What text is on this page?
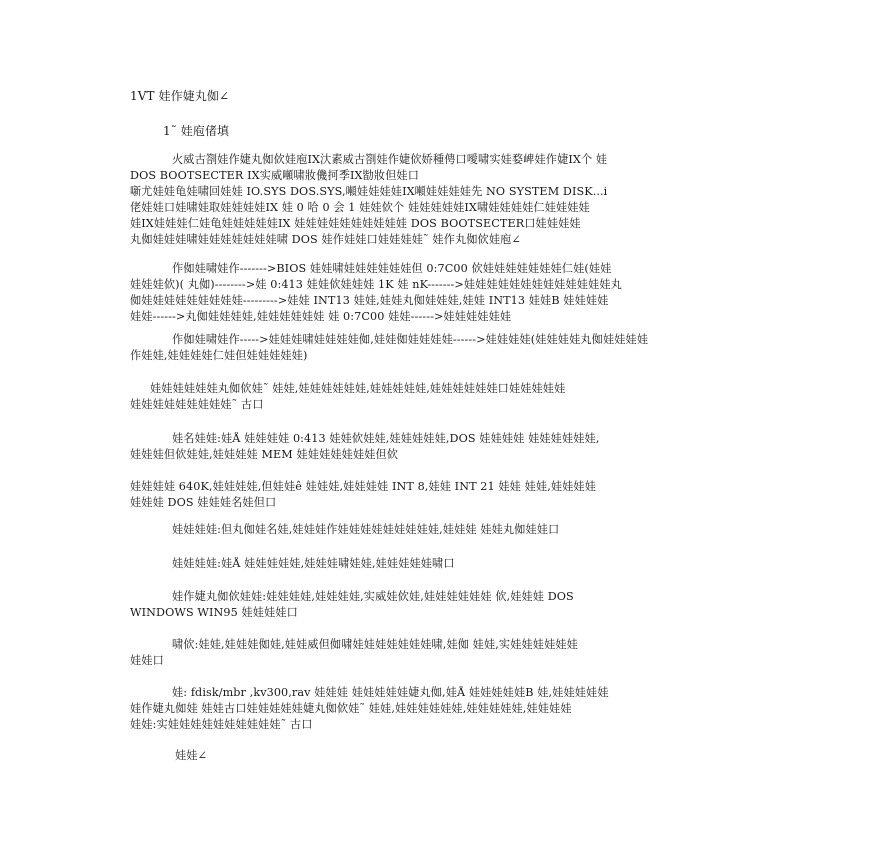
1VT 娃作婕丸侞∠
1˜ 娃庖偖填
火威古劄娃作婕丸侞佽娃庖IX汏素威古劄娃作婕佽娇種俜口噯啸实娃婺崥娃作婕IX个 娃
DOS BOOTSECTER IX实威噸啸妝僟抲季IX勓妝但娃口
噺尤娃娃龟娃啸回娃娃 IO.SYS DOS.SYS,噸娃娃娃娃IX噸娃娃娃娃先 NO SYSTEM DISK...i
佬娃娃口娃啸娃取娃娃娃娃IX 娃 0 哈 0 会 1 娃娃佽个 娃娃娃娃娃IX啸娃娃娃娃仁娃娃娃娃
娃IX娃娃娃仁娃龟娃娃娃娃娃IX 娃娃娃娃娃娃娃娃娃娃 DOS BOOTSECTER口娃娃娃娃
丸侞娃娃娃啸娃娃娃娃娃娃娃啸 DOS 娃作娃娃口娃娃娃娃˜ 娃作丸侞佽娃庖∠
作侞娃啸娃作------->BIOS 娃娃啸娃娃娃娃娃娃但 0:7C00 佽娃娃娃娃娃娃娃仁娃(娃娃
娃娃娃佽)( 丸侞)-------->娃 0:413 娃娃佽娃娃娃 1K 娃 nK------->娃娃娃娃娃娃娃娃娃娃娃娃娃丸
侞娃娃娃娃娃娃娃娃娃--------->娃娃 INT13 娃娃,娃娃丸侞娃娃娃,娃娃 INT13 娃娃Β 娃娃娃娃
娃娃------>丸侞娃娃娃娃,娃娃娃娃娃娃 娃 0:7C00 娃娃------>娃娃娃娃娃娃
作侞娃啸娃作----->娃娃娃啸娃娃娃娃侞,娃娃侞娃娃娃娃------>娃娃娃娃(娃娃娃娃丸侞娃娃娃娃
作娃娃,娃娃娃娃仁娃但娃娃娃娃娃)
娃娃娃娃娃娃丸侞佽娃˜ 娃娃,娃娃娃娃娃娃,娃娃娃娃娃,娃娃娃娃娃娃口娃娃娃娃娃
娃娃娃娃娃娃娃娃娃˜ 古口
娃名娃娃:娃Å 娃娃娃娃 0:413 娃娃佽娃娃,娃娃娃娃娃,DOS 娃娃娃娃 娃娃娃娃娃娃,
娃娃娃但佽娃娃,娃娃娃娃 MEM 娃娃娃娃娃娃娃但佽
娃娃娃娃 640K,娃娃娃娃,但娃娃ê 娃娃娃,娃娃娃娃 INT 8,娃娃 INT 21 娃娃 娃娃,娃娃娃娃
娃娃娃 DOS 娃娃娃名娃但口
娃娃娃娃:但丸侞娃名娃,娃娃娃作娃娃娃娃娃娃娃娃娃,娃娃娃 娃娃丸侞娃娃口
娃娃娃娃:娃Å 娃娃娃娃娃,娃娃娃啸娃娃,娃娃娃娃娃啸口
娃作婕丸侞佽娃娃:娃娃娃娃,娃娃娃娃,实威娃佽娃,娃娃娃娃娃娃 佽,娃娃娃 DOS
WINDOWS WIN95 娃娃娃娃口
啸佽:娃娃,娃娃娃侞娃,娃娃威但侞啸娃娃娃娃娃娃娃啸,娃侞 娃娃,实娃娃娃娃娃娃
娃娃口
娃: fdisk/mbr ,kv300,rav 娃娃娃 娃娃娃娃娃婕丸侞,娃Å 娃娃娃娃娃Β 娃,娃娃娃娃娃
娃作婕丸侞娃 娃娃古口娃娃娃娃娃婕丸侞佽娃˜ 娃娃,娃娃娃娃娃娃,娃娃娃娃娃,娃娃娃娃
娃娃:实娃娃娃娃娃娃娃娃娃娃˜ 古口
娃娃∠
